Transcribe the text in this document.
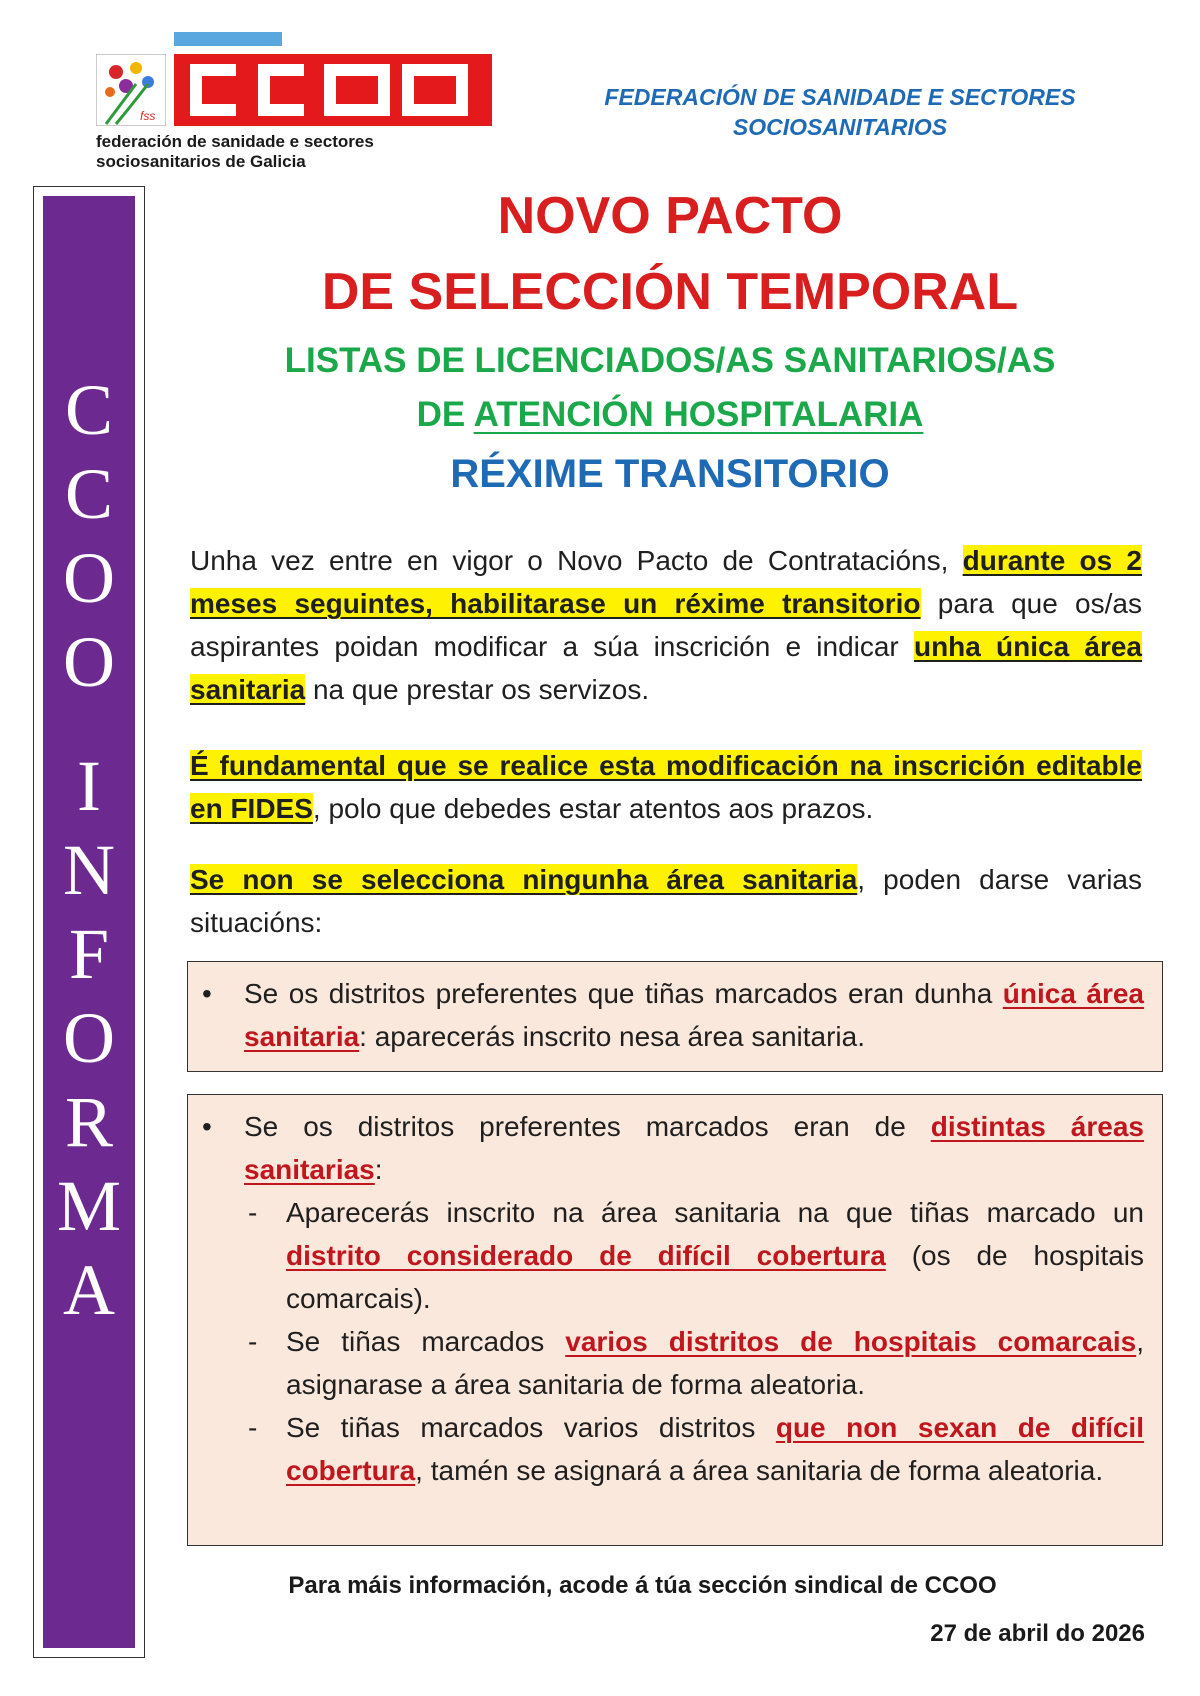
fss
federación de sanidade e sectores
sociosanitarios de Galicia
FEDERACIÓN DE SANIDADE E SECTORES
SOCIOSANITARIOS
C
C
O
O
I
N
F
O
R
M
A
NOVO PACTO
DE SELECCIÓN TEMPORAL
LISTAS DE LICENCIADOS/AS SANITARIOS/AS
DE ATENCIÓN HOSPITALARIA
RÉXIME TRANSITORIO
Unha vez entre en vigor o Novo Pacto de Contratacións, durante os 2 meses seguintes, habilitarase un réxime transitorio para que os/as aspirantes poidan modificar a súa inscrición e indicar unha única área sanitaria na que prestar os servizos.
É fundamental que se realice esta modificación na inscrición editable en FIDES, polo que debedes estar atentos aos prazos.
Se non se selecciona ningunha área sanitaria, poden darse varias situacións:
• Se os distritos preferentes que tiñas marcados eran dunha única área sanitaria: aparecerás inscrito nesa área sanitaria.
• Se os distritos preferentes marcados eran de distintas áreas sanitarias:
- Aparecerás inscrito na área sanitaria na que tiñas marcado un distrito considerado de difícil cobertura (os de hospitais comarcais).
- Se tiñas marcados varios distritos de hospitais comarcais, asignarase a área sanitaria de forma aleatoria.
- Se tiñas marcados varios distritos que non sexan de difícil cobertura, tamén se asignará a área sanitaria de forma aleatoria.
Para máis información, acode á túa sección sindical de CCOO
27 de abril do 2026
